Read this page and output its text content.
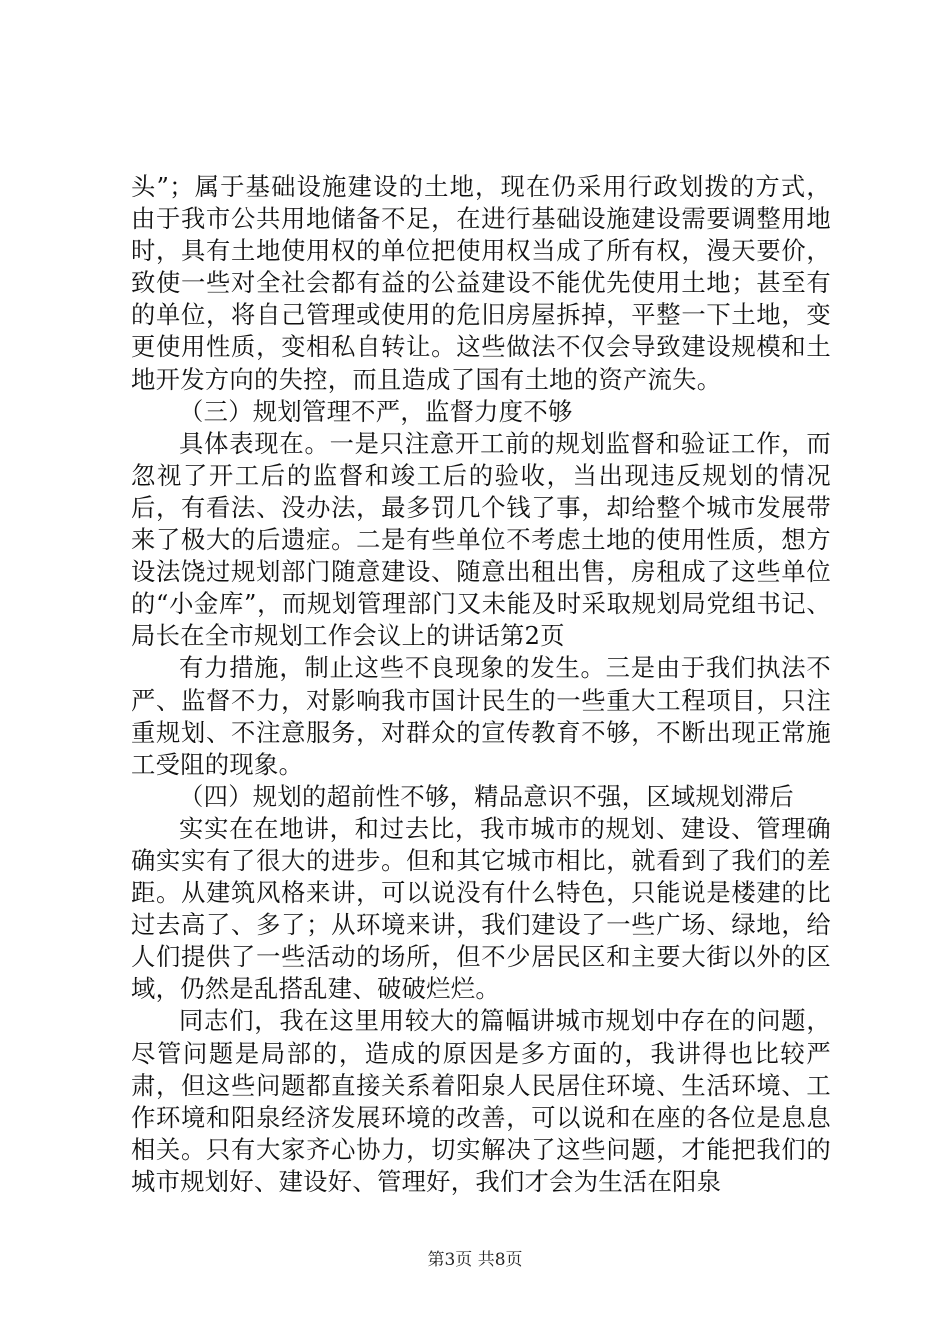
头”；属于基础设施建设的土地，现在仍采用行政划拨的方式，由于我市公共用地储备不足，在进行基础设施建设需要调整用地时，具有土地使用权的单位把使用权当成了所有权，漫天要价，致使一些对全社会都有益的公益建设不能优先使用土地；甚至有的单位，将自己管理或使用的危旧房屋拆掉，平整一下土地，变更使用性质，变相私自转让。这些做法不仅会导致建设规模和土地开发方向的失控，而且造成了国有土地的资产流失。

（三）规划管理不严，监督力度不够

具体表现在。一是只注意开工前的规划监督和验证工作，而忽视了开工后的监督和竣工后的验收，当出现违反规划的情况后，有看法、没办法，最多罚几个钱了事，却给整个城市发展带来了极大的后遗症。二是有些单位不考虑土地的使用性质，想方设法饶过规划部门随意建设、随意出租出售，房租成了这些单位的“小金库”，而规划管理部门又未能及时采取规划局党组书记、局长在全市规划工作会议上的讲话第2页

有力措施，制止这些不良现象的发生。三是由于我们执法不严、监督不力，对影响我市国计民生的一些重大工程项目，只注重规划、不注意服务，对群众的宣传教育不够，不断出现正常施工受阻的现象。

（四）规划的超前性不够，精品意识不强，区域规划滞后

实实在在地讲，和过去比，我市城市的规划、建设、管理确确实实有了很大的进步。但和其它城市相比，就看到了我们的差距。从建筑风格来讲，可以说没有什么特色，只能说是楼建的比过去高了、多了；从环境来讲，我们建设了一些广场、绿地，给人们提供了一些活动的场所，但不少居民区和主要大街以外的区域，仍然是乱搭乱建、破破烂烂。

同志们，我在这里用较大的篇幅讲城市规划中存在的问题，尽管问题是局部的，造成的原因是多方面的，我讲得也比较严肃，但这些问题都直接关系着阳泉人民居住环境、生活环境、工作环境和阳泉经济发展环境的改善，可以说和在座的各位是息息相关。只有大家齐心协力，切实解决了这些问题，才能把我们的城市规划好、建设好、管理好，我们才会为生活在阳泉

第3页 共8页
